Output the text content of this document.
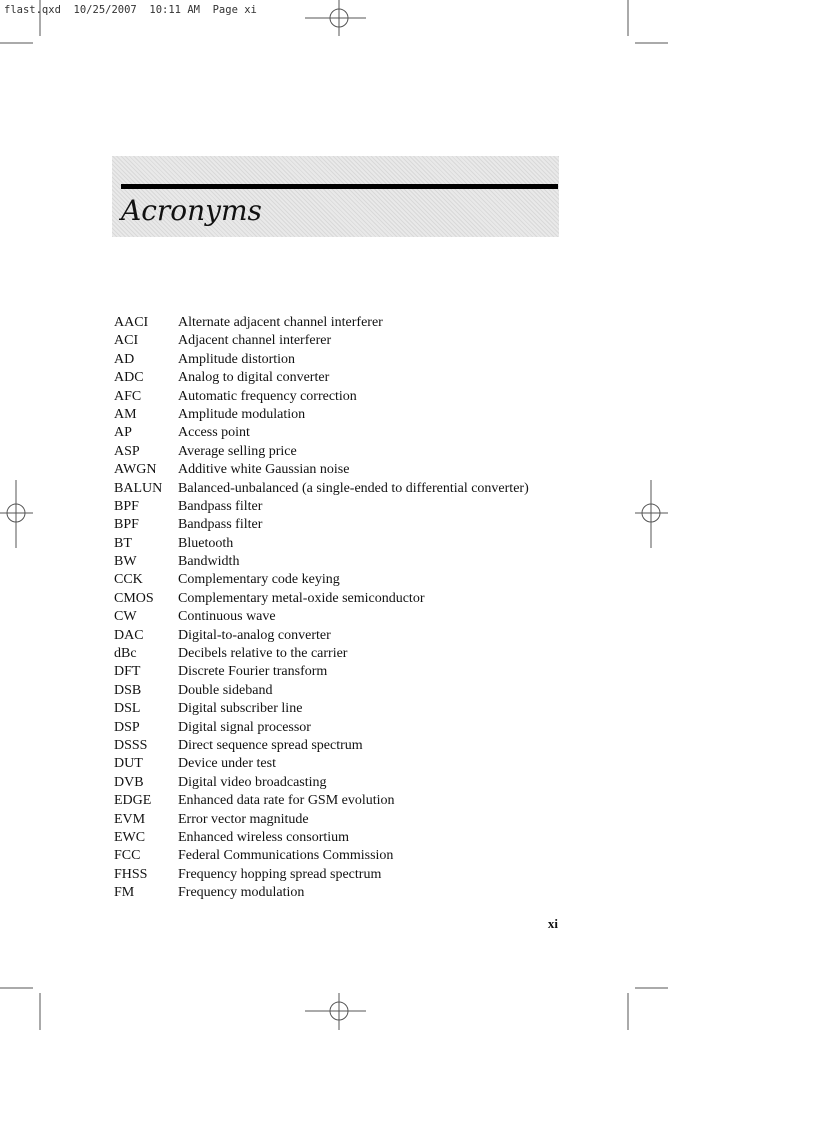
flast.qxd  10/25/2007  10:11 AM  Page xi
Acronyms
AACI	Alternate adjacent channel interferer
ACI	Adjacent channel interferer
AD	Amplitude distortion
ADC	Analog to digital converter
AFC	Automatic frequency correction
AM	Amplitude modulation
AP	Access point
ASP	Average selling price
AWGN	Additive white Gaussian noise
BALUN	Balanced-unbalanced (a single-ended to differential converter)
BPF	Bandpass filter
BPF	Bandpass filter
BT	Bluetooth
BW	Bandwidth
CCK	Complementary code keying
CMOS	Complementary metal-oxide semiconductor
CW	Continuous wave
DAC	Digital-to-analog converter
dBc	Decibels relative to the carrier
DFT	Discrete Fourier transform
DSB	Double sideband
DSL	Digital subscriber line
DSP	Digital signal processor
DSSS	Direct sequence spread spectrum
DUT	Device under test
DVB	Digital video broadcasting
EDGE	Enhanced data rate for GSM evolution
EVM	Error vector magnitude
EWC	Enhanced wireless consortium
FCC	Federal Communications Commission
FHSS	Frequency hopping spread spectrum
FM	Frequency modulation
xi
